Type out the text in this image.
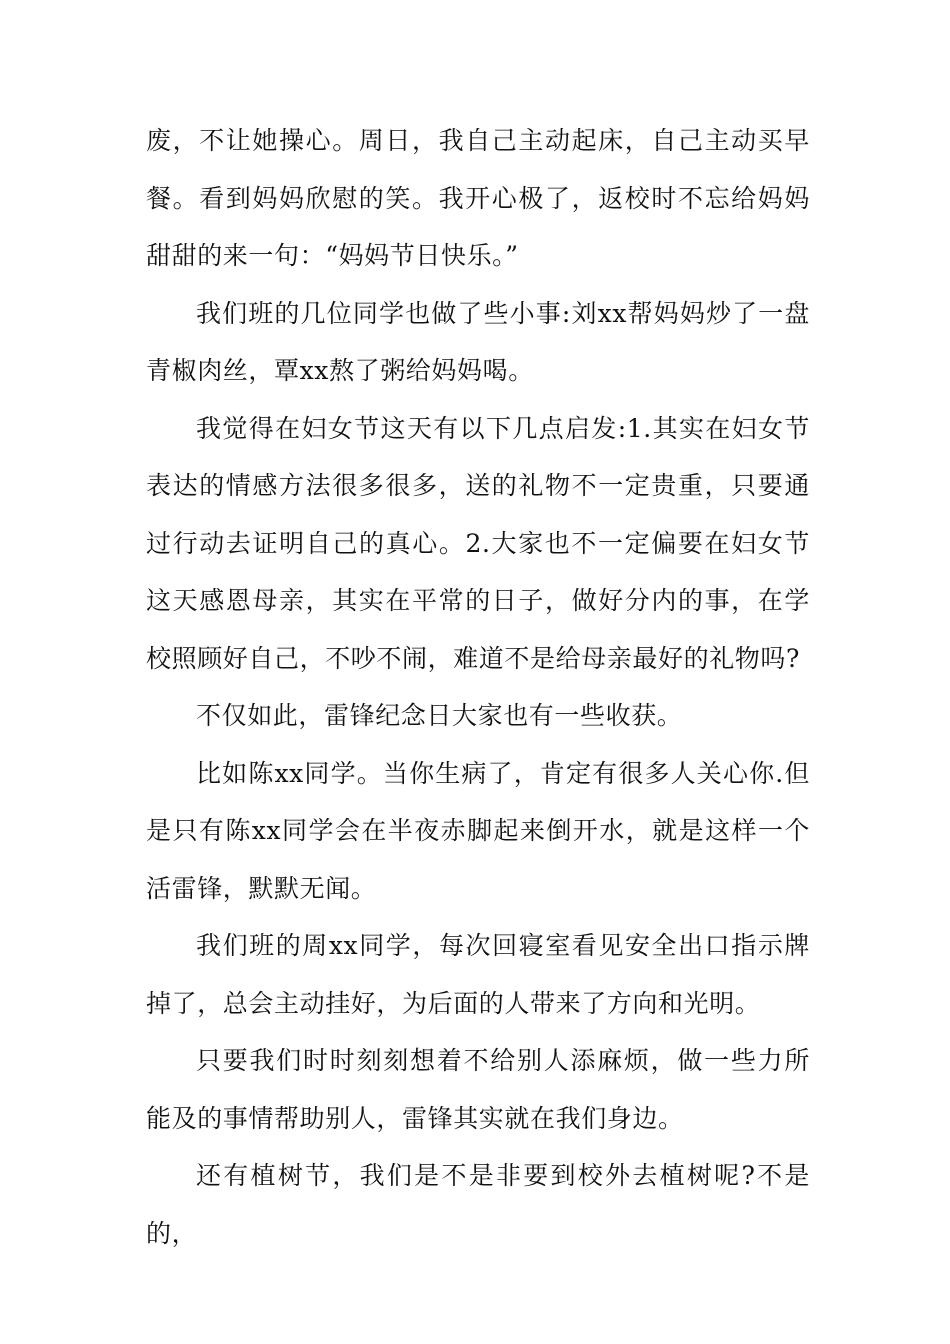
废，不让她操心。周日，我自己主动起床，自己主动买早餐。看到妈妈欣慰的笑。我开心极了，返校时不忘给妈妈甜甜的来一句：“妈妈节日快乐。”

我们班的几位同学也做了些小事:刘xx帮妈妈炒了一盘青椒肉丝，覃xx熬了粥给妈妈喝。

我觉得在妇女节这天有以下几点启发:1.其实在妇女节表达的情感方法很多很多，送的礼物不一定贵重，只要通过行动去证明自己的真心。2.大家也不一定偏要在妇女节这天感恩母亲，其实在平常的日子，做好分内的事，在学校照顾好自己，不吵不闹，难道不是给母亲最好的礼物吗?

不仅如此，雷锋纪念日大家也有一些收获。

比如陈xx同学。当你生病了，肯定有很多人关心你.但是只有陈xx同学会在半夜赤脚起来倒开水，就是这样一个活雷锋，默默无闻。

我们班的周xx同学，每次回寝室看见安全出口指示牌掉了，总会主动挂好，为后面的人带来了方向和光明。

只要我们时时刻刻想着不给别人添麻烦，做一些力所能及的事情帮助别人，雷锋其实就在我们身边。

还有植树节，我们是不是非要到校外去植树呢?不是的，
